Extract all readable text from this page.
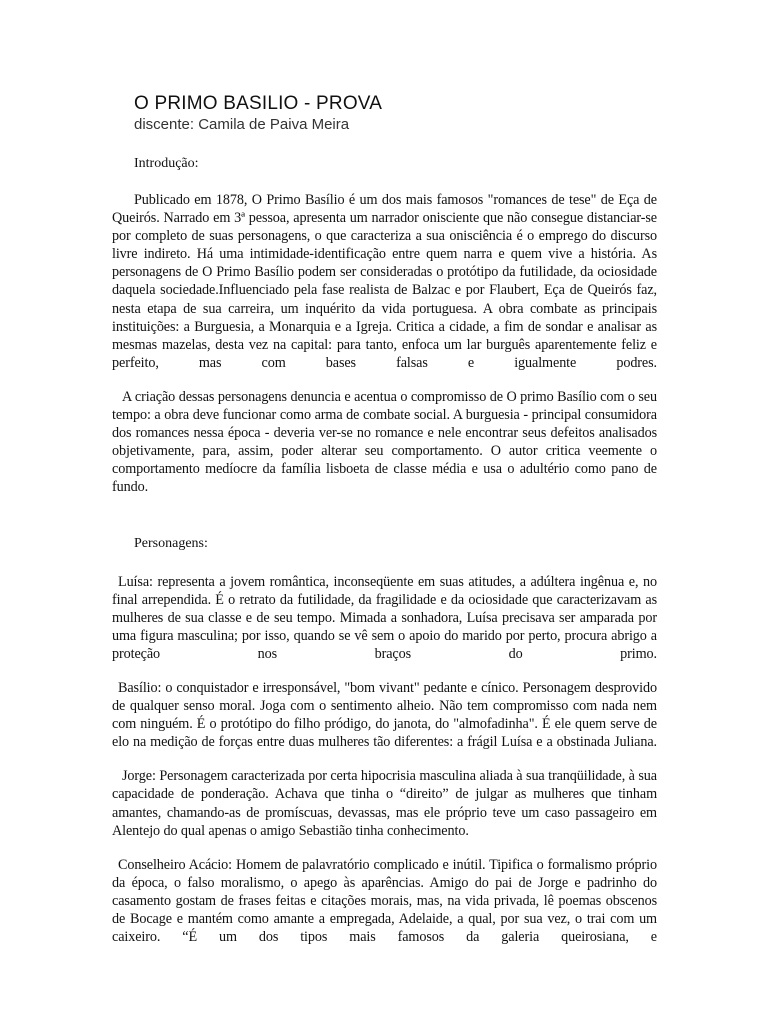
O PRIMO BASILIO - PROVA
discente: Camila de Paiva Meira
Introdução:

Publicado em 1878, O Primo Basílio é um dos mais famosos "romances de tese" de Eça de Queirós. Narrado em 3ª pessoa, apresenta um narrador onisciente que não consegue distanciar-se por completo de suas personagens, o que caracteriza a sua onisciência é o emprego do discurso livre indireto. Há uma intimidade-identificação entre quem narra e quem vive a história. As personagens de O Primo Basílio podem ser consideradas o protótipo da futilidade, da ociosidade daquela sociedade.Influenciado pela fase realista de Balzac e por Flaubert, Eça de Queirós faz, nesta etapa de sua carreira, um inquérito da vida portuguesa. A obra combate as principais instituições: a Burguesia, a Monarquia e a Igreja. Critica a cidade, a fim de sondar e analisar as mesmas mazelas, desta vez na capital: para tanto, enfoca um lar burguês aparentemente feliz e perfeito, mas com bases falsas e igualmente podres.

A criação dessas personagens denuncia e acentua o compromisso de O primo Basílio com o seu tempo: a obra deve funcionar como arma de combate social. A burguesia - principal consumidora dos romances nessa época - deveria ver-se no romance e nele encontrar seus defeitos analisados objetivamente, para, assim, poder alterar seu comportamento. O autor critica veemente o comportamento medíocre da família lisboeta de classe média e usa o adultério como pano de fundo.

Personagens:

Luísa: representa a jovem romântica, inconseqüente em suas atitudes, a adúltera ingênua e, no final arrependida. É o retrato da futilidade, da fragilidade e da ociosidade que caracterizavam as mulheres de sua classe e de seu tempo. Mimada a sonhadora, Luísa precisava ser amparada por uma figura masculina; por isso, quando se vê sem o apoio do marido por perto, procura abrigo a proteção nos braços do primo.

Basílio: o conquistador e irresponsável, "bom vivant" pedante e cínico. Personagem desprovido de qualquer senso moral. Joga com o sentimento alheio. Não tem compromisso com nada nem com ninguém. É o protótipo do filho pródigo, do janota, do "almofadinha". É ele quem serve de elo na medição de forças entre duas mulheres tão diferentes: a frágil Luísa e a obstinada Juliana.

Jorge: Personagem caracterizada por certa hipocrisia masculina aliada à sua tranqüilidade, à sua capacidade de ponderação. Achava que tinha o “direito” de julgar as mulheres que tinham amantes, chamando-as de promíscuas, devassas, mas ele próprio teve um caso passageiro em Alentejo do qual apenas o amigo Sebastião tinha conhecimento.

Conselheiro Acácio: Homem de palavratório complicado e inútil. Tipifica o formalismo próprio da época, o falso moralismo, o apego às aparências. Amigo do pai de Jorge e padrinho do casamento gostam de frases feitas e citações morais, mas, na vida privada, lê poemas obscenos de Bocage e mantém como amante a empregada, Adelaide, a qual, por sua vez, o trai com um caixeiro. “É um dos tipos mais famosos da galeria queirosiana, e
